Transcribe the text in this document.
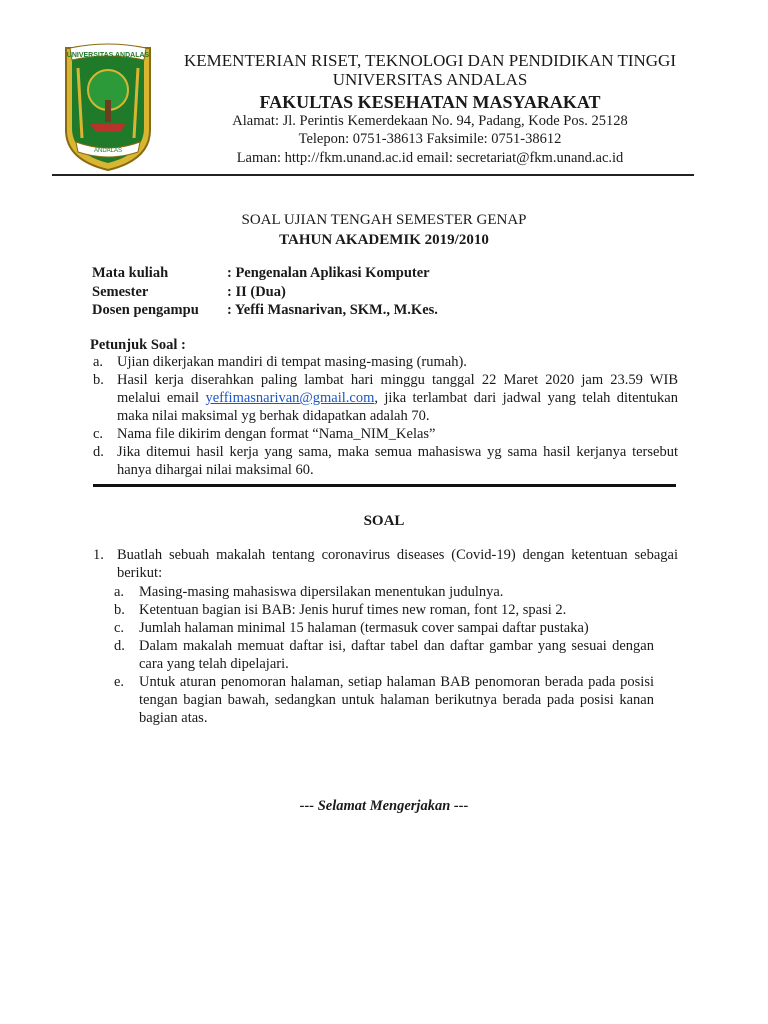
UNIVERSITAS ANDALAS
ANDALAS
KEMENTERIAN RISET, TEKNOLOGI DAN PENDIDIKAN TINGGI
UNIVERSITAS ANDALAS
FAKULTAS KESEHATAN MASYARAKAT
Alamat: Jl. Perintis Kemerdekaan No. 94, Padang, Kode Pos. 25128
Telepon: 0751-38613 Faksimile: 0751-38612
Laman: http://fkm.unand.ac.id email: secretariat@fkm.unand.ac.id
SOAL UJIAN TENGAH SEMESTER GENAP
TAHUN AKADEMIK 2019/2010
Mata kuliah	: Pengenalan Aplikasi Komputer
Semester	: II (Dua)
Dosen pengampu : Yeffi Masnarivan, SKM., M.Kes.
Petunjuk Soal :
a. Ujian dikerjakan mandiri di tempat masing-masing (rumah).
b. Hasil kerja diserahkan paling lambat hari minggu tanggal 22 Maret 2020 jam 23.59 WIB melalui email yeffimasnarivan@gmail.com, jika terlambat dari jadwal yang telah ditentukan maka nilai maksimal yg berhak didapatkan adalah 70.
c. Nama file dikirim dengan format “Nama_NIM_Kelas”
d. Jika ditemui hasil kerja yang sama, maka semua mahasiswa yg sama hasil kerjanya tersebut hanya dihargai nilai maksimal 60.
SOAL
1. Buatlah sebuah makalah tentang coronavirus diseases (Covid-19) dengan ketentuan sebagai berikut:
a. Masing-masing mahasiswa dipersilakan menentukan judulnya.
b. Ketentuan bagian isi BAB: Jenis huruf times new roman, font 12, spasi 2.
c. Jumlah halaman minimal 15 halaman (termasuk cover sampai daftar pustaka)
d. Dalam makalah memuat daftar isi, daftar tabel dan daftar gambar yang sesuai dengan cara yang telah dipelajari.
e. Untuk aturan penomoran halaman, setiap halaman BAB penomoran berada pada posisi tengan bagian bawah, sedangkan untuk halaman berikutnya berada pada posisi kanan bagian atas.
--- Selamat Mengerjakan ---
